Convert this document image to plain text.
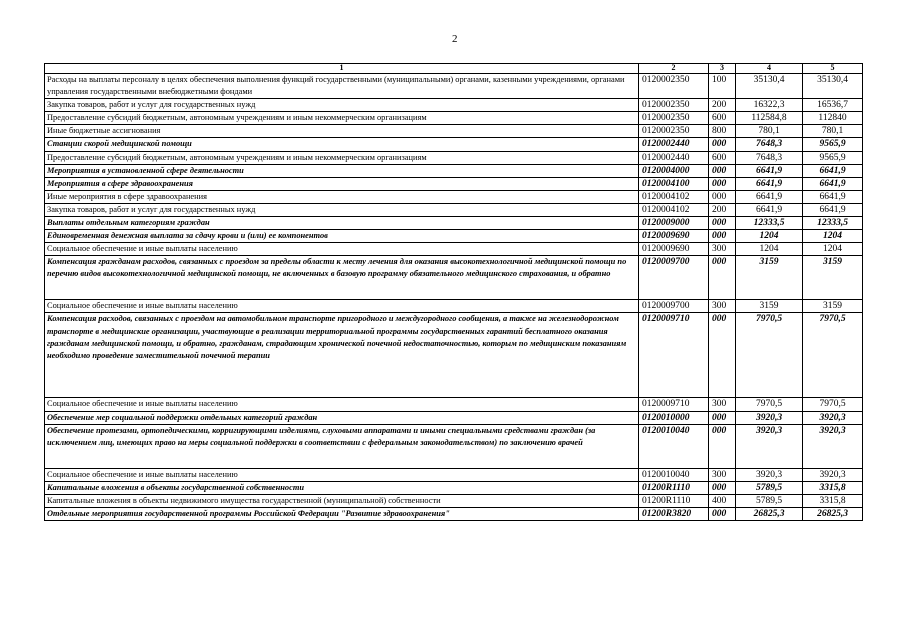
2
1	2	3	4	5
Расходы на выплаты персоналу в целях обеспечения выполнения функций государственными (муниципальными) органами, казенными учреждениями, органами управления государственными внебюджетными фондами	0120002350	100	35130,4	35130,4
Закупка товаров, работ и услуг для государственных нужд	0120002350	200	16322,3	16536,7
Предоставление субсидий бюджетным, автономным учреждениям и иным некоммерческим организациям	0120002350	600	112584,8	112840
Иные бюджетные ассигнования	0120002350	800	780,1	780,1
Станции скорой медицинской помощи	0120002440	000	7648,3	9565,9
Предоставление субсидий бюджетным, автономным учреждениям и иным некоммерческим организациям	0120002440	600	7648,3	9565,9
Мероприятия в установленной сфере деятельности	0120004000	000	6641,9	6641,9
Мероприятия в сфере здравоохранения	0120004100	000	6641,9	6641,9
Иные мероприятия в сфере здравоохранения	0120004102	000	6641,9	6641,9
Закупка товаров, работ и услуг для государственных нужд	0120004102	200	6641,9	6641,9
Выплаты отдельным категориям граждан	0120009000	000	12333,5	12333,5
Единовременная денежная выплата за сдачу крови и (или) ее компонентов	0120009690	000	1204	1204
Социальное обеспечение и иные выплаты населению	0120009690	300	1204	1204
Компенсация гражданам расходов, связанных с проездом за пределы области к месту лечения для оказания высокотехнологичной медицинской помощи по перечню видов высокотехнологичной медицинской помощи, не включенных в базовую программу обязательного медицинского страхования, и обратно	0120009700	000	3159	3159
Социальное обеспечение и иные выплаты населению	0120009700	300	3159	3159
Компенсация расходов, связанных с проездом на автомобильном транспорте пригородного и междугородного сообщения, а также на железнодорожном транспорте в медицинские организации, участвующие в реализации территориальной программы государственных гарантий бесплатного оказания гражданам медицинской помощи, и обратно, гражданам, страдающим хронической почечной недостаточностью, которым по медицинским показаниям необходимо проведение заместительной почечной терапии	0120009710	000	7970,5	7970,5
Социальное обеспечение и иные выплаты населению	0120009710	300	7970,5	7970,5
Обеспечение мер социальной поддержки отдельных категорий граждан	0120010000	000	3920,3	3920,3
Обеспечение протезами, ортопедическими, корригирующими изделиями, слуховыми аппаратами и иными специальными средствами граждан (за исключением лиц, имеющих право на меры социальной поддержки в соответствии с федеральным законодательством) по заключению врачей	0120010040	000	3920,3	3920,3
Социальное обеспечение и иные выплаты населению	0120010040	300	3920,3	3920,3
Капитальные вложения в объекты государственной собственности	01200R1110	000	5789,5	3315,8
Капитальные вложения в объекты недвижимого имущества государственной (муниципальной) собственности	01200R1110	400	5789,5	3315,8
Отдельные мероприятия государственной программы Российской Федерации "Развитие здравоохранения"	01200R3820	000	26825,3	26825,3
